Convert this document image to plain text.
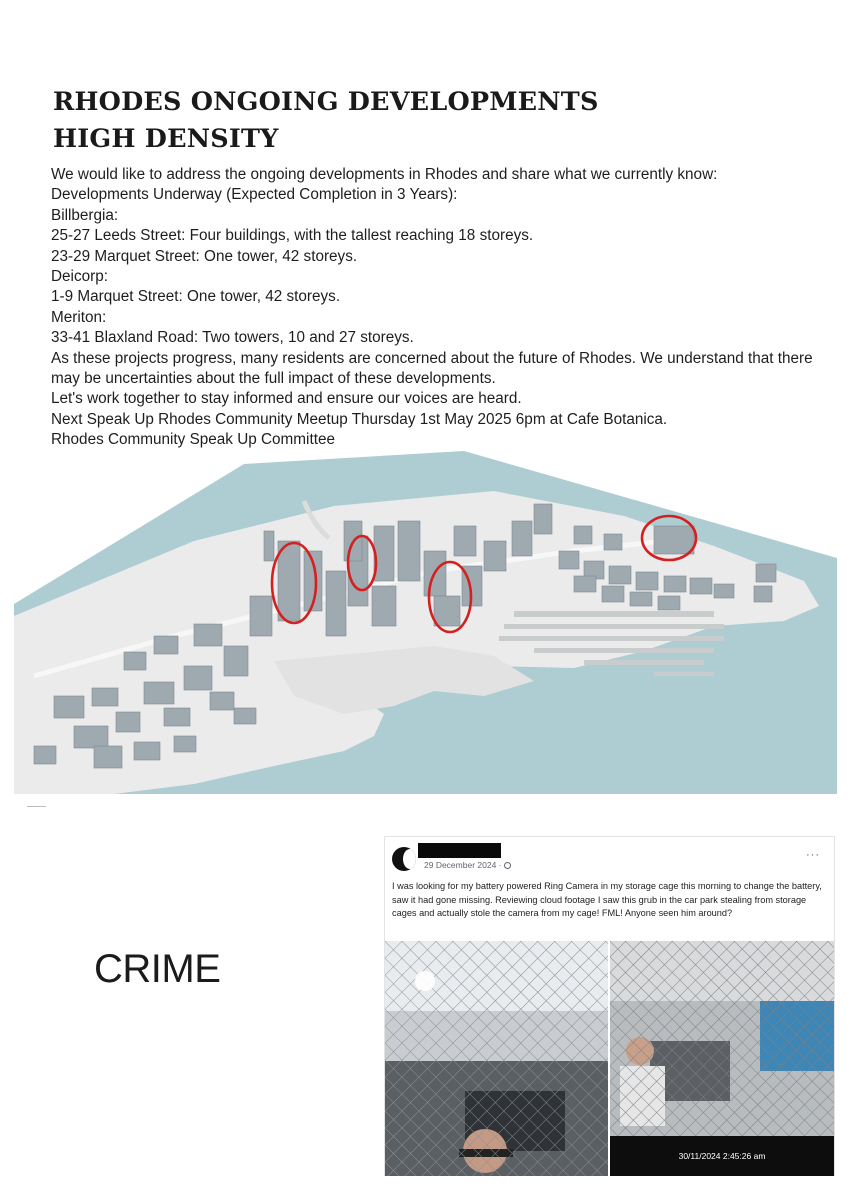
RHODES ONGOING DEVELOPMENTS
HIGH DENSITY
We would like to address the ongoing developments in Rhodes and share what we currently know:
Developments Underway (Expected Completion in 3 Years):
Billbergia:
25-27 Leeds Street: Four buildings, with the tallest reaching 18 storeys.
23-29 Marquet Street: One tower, 42 storeys.
Deicorp:
1-9 Marquet Street: One tower, 42 storeys.
Meriton:
33-41 Blaxland Road: Two towers, 10 and 27 storeys.
As these projects progress, many residents are concerned about the future of Rhodes. We understand that there may be uncertainties about the full impact of these developments.
Let's work together to stay informed and ensure our voices are heard.
Next Speak Up Rhodes Community Meetup Thursday 1st May 2025 6pm at Cafe Botanica.
Rhodes Community Speak Up Committee
CRIME
29 December 2024 ·
···
I was looking for my battery powered Ring Camera in my storage cage this morning to change the battery, saw it had gone missing. Reviewing cloud footage I saw this grub in the car park stealing from storage cages and actually stole the camera from my cage! FML! Anyone seen him around?
30/11/2024 2:45:26 am
